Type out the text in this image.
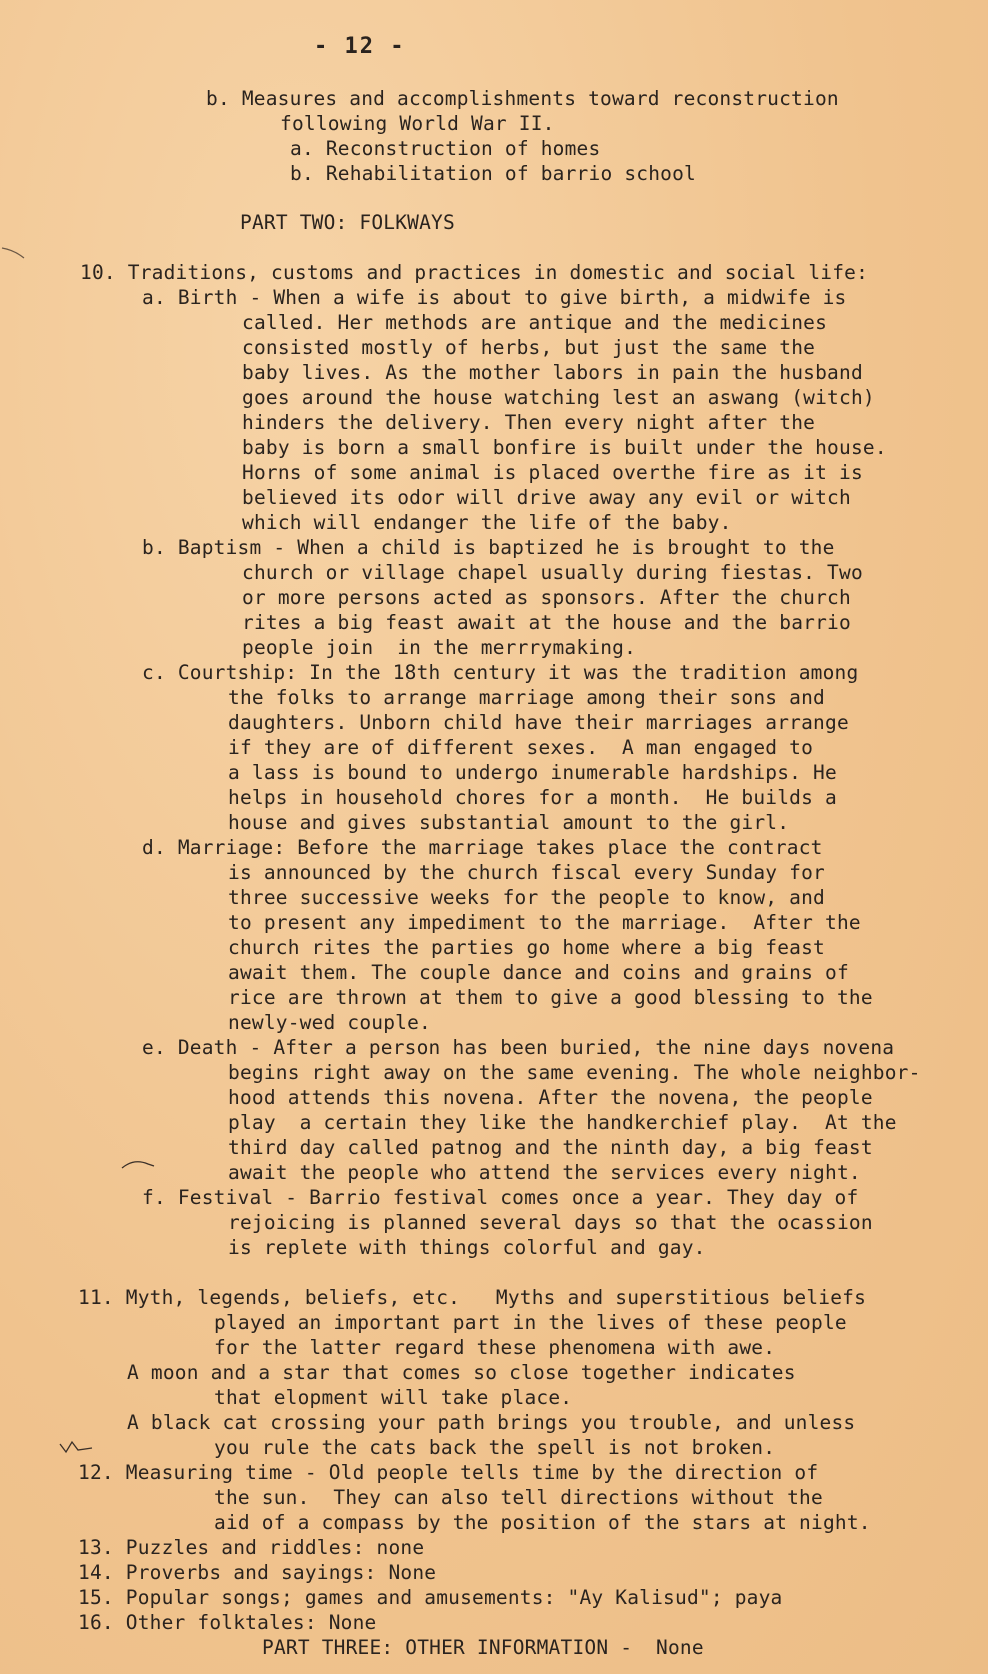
- 12 -
b. Measures and accomplishments toward reconstruction
following World War II.
a. Reconstruction of homes
b. Rehabilitation of barrio school
PART TWO: FOLKWAYS
10. Traditions, customs and practices in domestic and social life:
a. Birth - When a wife is about to give birth, a midwife is
called. Her methods are antique and the medicines
consisted mostly of herbs, but just the same the
baby lives. As the mother labors in pain the husband
goes around the house watching lest an aswang (witch)
hinders the delivery. Then every night after the
baby is born a small bonfire is built under the house.
Horns of some animal is placed overthe fire as it is
believed its odor will drive away any evil or witch
which will endanger the life of the baby.
b. Baptism - When a child is baptized he is brought to the
church or village chapel usually during fiestas. Two
or more persons acted as sponsors. After the church
rites a big feast await at the house and the barrio
people join  in the merrrymaking.
c. Courtship: In the 18th century it was the tradition among
the folks to arrange marriage among their sons and
daughters. Unborn child have their marriages arrange
if they are of different sexes.  A man engaged to
a lass is bound to undergo inumerable hardships. He
helps in household chores for a month.  He builds a
house and gives substantial amount to the girl.
d. Marriage: Before the marriage takes place the contract
is announced by the church fiscal every Sunday for
three successive weeks for the people to know, and
to present any impediment to the marriage.  After the
church rites the parties go home where a big feast
await them. The couple dance and coins and grains of
rice are thrown at them to give a good blessing to the
newly-wed couple.
e. Death - After a person has been buried, the nine days novena
begins right away on the same evening. The whole neighbor-
hood attends this novena. After the novena, the people
play  a certain they like the handkerchief play.  At the
third day called patnog and the ninth day, a big feast
await the people who attend the services every night.
f. Festival - Barrio festival comes once a year. They day of
rejoicing is planned several days so that the ocassion
is replete with things colorful and gay.
11. Myth, legends, beliefs, etc.   Myths and superstitious beliefs
played an important part in the lives of these people
for the latter regard these phenomena with awe.
A moon and a star that comes so close together indicates
that elopment will take place.
A black cat crossing your path brings you trouble, and unless
you rule the cats back the spell is not broken.
12. Measuring time - Old people tells time by the direction of
the sun.  They can also tell directions without the
aid of a compass by the position of the stars at night.
13. Puzzles and riddles: none
14. Proverbs and sayings: None
15. Popular songs; games and amusements: "Ay Kalisud"; paya
16. Other folktales: None
PART THREE: OTHER INFORMATION -  None
